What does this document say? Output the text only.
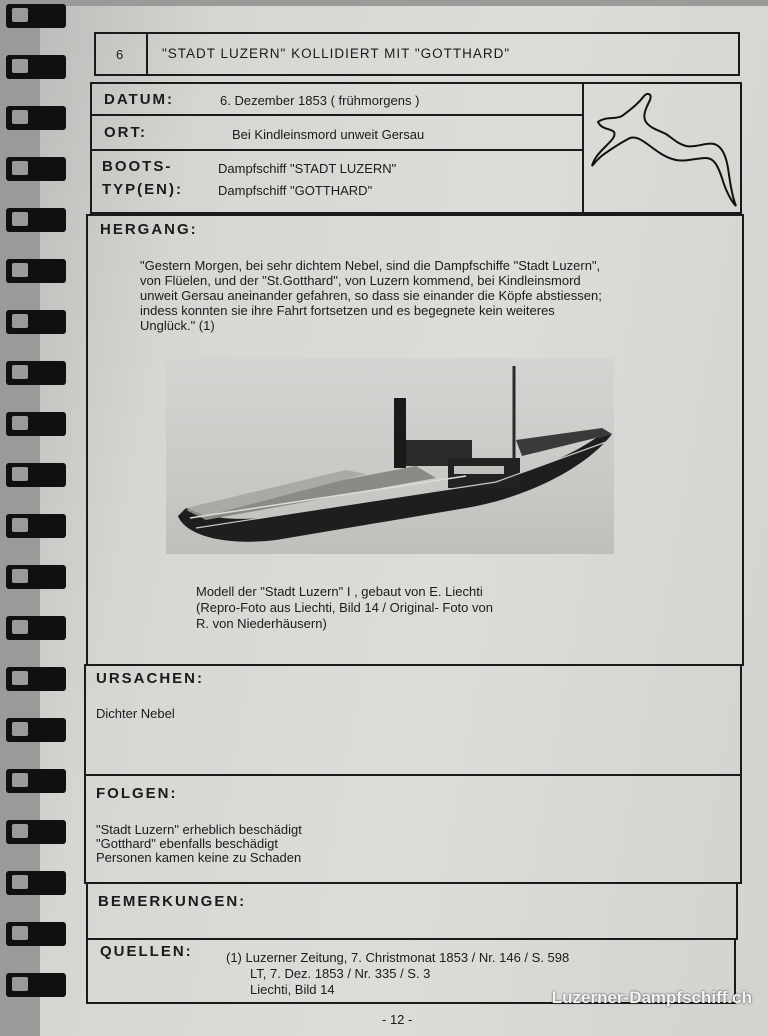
6	"STADT LUZERN" KOLLIDIERT MIT "GOTTHARD"
DATUM:	6. Dezember 1853 ( frühmorgens )
ORT:	Bei Kindleinsmord unweit Gersau
BOOTS-
TYP(EN):
Dampfschiff "STADT LUZERN"
Dampfschiff "GOTTHARD"
HERGANG:
"Gestern Morgen, bei sehr dichtem Nebel, sind die Dampfschiffe "Stadt Luzern",
von Flüelen, und der "St.Gotthard", von Luzern kommend, bei Kindleinsmord
unweit Gersau aneinander gefahren, so dass sie einander die Köpfe abstiessen;
indess konnten sie ihre Fahrt fortsetzen und es begegnete kein weiteres
Unglück." (1)
Modell der "Stadt Luzern" I , gebaut von E. Liechti
(Repro-Foto aus Liechti, Bild 14 / Original- Foto von
R. von Niederhäusern)
URSACHEN:
Dichter Nebel
FOLGEN:
"Stadt Luzern" erheblich beschädigt
"Gotthard" ebenfalls beschädigt
Personen kamen keine zu Schaden
BEMERKUNGEN:
QUELLEN:	(1) Luzerner Zeitung, 7. Christmonat 1853 / Nr. 146 / S. 598
LT, 7. Dez. 1853 / Nr. 335 / S. 3
Liechti, Bild 14
- 12 -
Luzerner-Dampfschiff.ch
